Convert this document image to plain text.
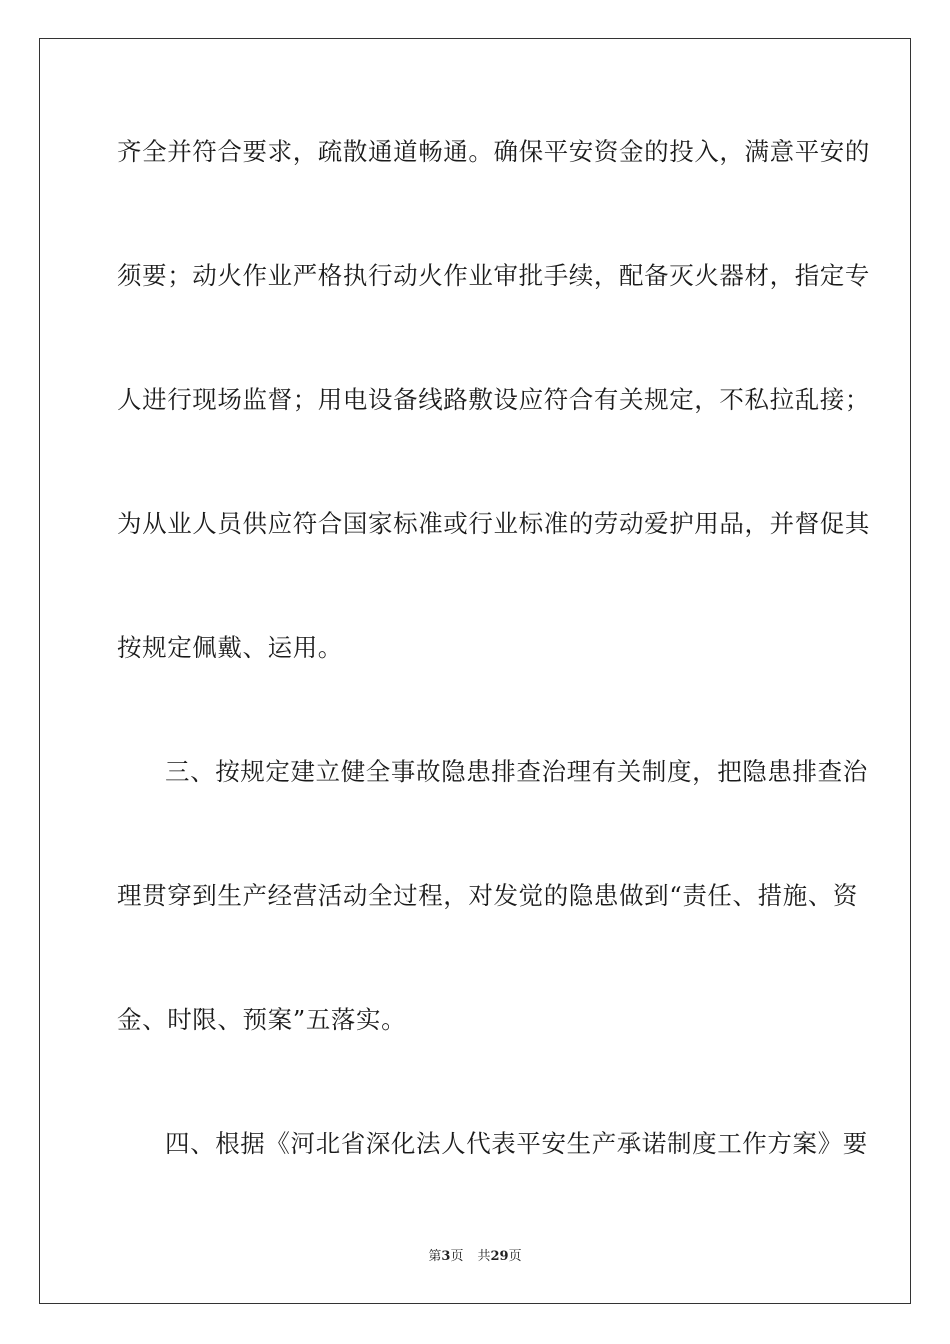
齐全并符合要求，疏散通道畅通。确保平安资金的投入，满意平安的
须要；动火作业严格执行动火作业审批手续，配备灭火器材，指定专
人进行现场监督；用电设备线路敷设应符合有关规定，不私拉乱接；
为从业人员供应符合国家标准或行业标准的劳动爱护用品，并督促其
按规定佩戴、运用。
三、按规定建立健全事故隐患排查治理有关制度，把隐患排查治
理贯穿到生产经营活动全过程，对发觉的隐患做到“责任、措施、资
金、时限、预案”五落实。
四、根据《河北省深化法人代表平安生产承诺制度工作方案》要
第3页 共29页
